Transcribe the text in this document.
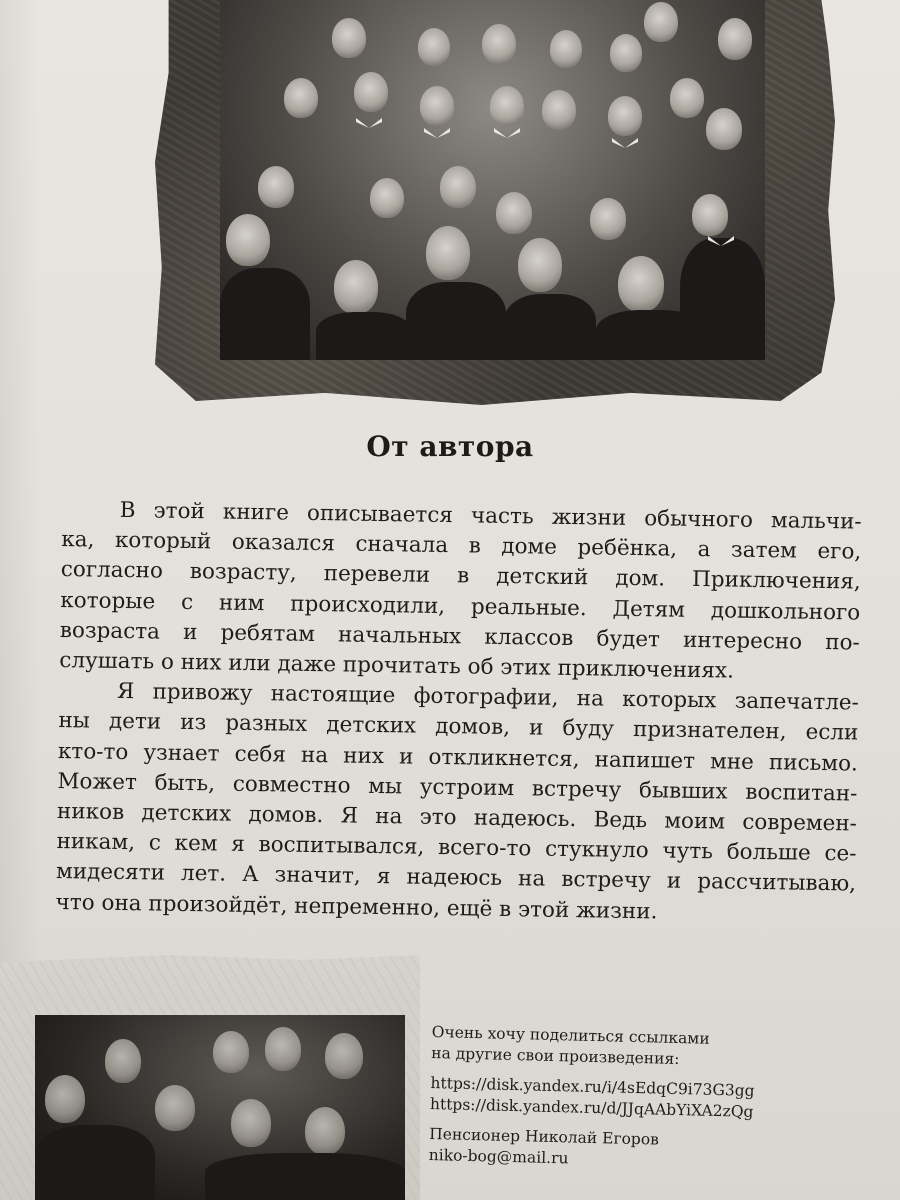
От автора
В этой книге описывается часть жизни обычного мальчи-
ка, который оказался сначала в доме ребёнка, а затем его,
согласно возрасту, перевели в детский дом. Приключения,
которые с ним происходили, реальные. Детям дошкольного
возраста и ребятам начальных классов будет интересно по-
слушать о них или даже прочитать об этих приключениях.
Я привожу настоящие фотографии, на которых запечатле-
ны дети из разных детских домов, и буду признателен, если
кто-то узнает себя на них и откликнется, напишет мне письмо.
Может быть, совместно мы устроим встречу бывших воспитан-
ников детских домов. Я на это надеюсь. Ведь моим современ-
никам, с кем я воспитывался, всего-то стукнуло чуть больше се-
мидесяти лет. А значит, я надеюсь на встречу и рассчитываю,
что она произойдёт, непременно, ещё в этой жизни.
Очень хочу поделиться ссылками
на другие свои произведения:
https://disk.yandex.ru/i/4sEdqC9i73G3gg
https://disk.yandex.ru/d/JJqAAbYiXA2zQg
Пенсионер Николай Егоров
niko-bog@mail.ru
